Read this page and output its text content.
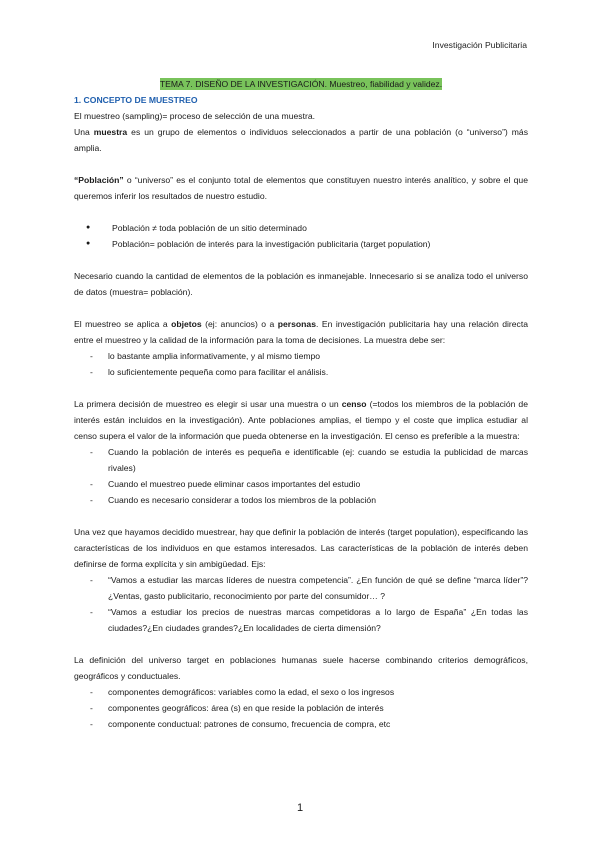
Investigación Publicitaria

TEMA 7. DISEÑO DE LA INVESTIGACIÓN. Muestreo, fiabilidad y validez.

1. CONCEPTO DE MUESTREO

El muestreo (sampling)= proceso de selección de una muestra.

Una muestra es un grupo de elementos o individuos seleccionados a partir de una población (o “universo”) más amplia.

“Población” o “universo” es el conjunto total de elementos que constituyen nuestro interés analítico, y sobre el que queremos inferir los resultados de nuestro estudio.

●	Población ≠ toda población de un sitio determinado
●	Población= población de interés para la investigación publicitaria (target population)

Necesario cuando la cantidad de elementos de la población es inmanejable. Innecesario si se analiza todo el universo de datos (muestra= población).

El muestreo se aplica a objetos (ej: anuncios) o a personas. En investigación publicitaria hay una relación directa entre el muestreo y la calidad de la información para la toma de decisiones. La muestra debe ser:

- lo bastante amplia informativamente, y al mismo tiempo
- lo suficientemente pequeña como para facilitar el análisis.

La primera decisión de muestreo es elegir si usar una muestra o un censo (=todos los miembros de la población de interés están incluidos en la investigación). Ante poblaciones amplias, el tiempo y el coste que implica estudiar al censo supera el valor de la información que pueda obtenerse en la investigación. El censo es preferible a la muestra:

- Cuando la población de interés es pequeña e identificable (ej: cuando se estudia la publicidad de marcas rivales)
- Cuando el muestreo puede eliminar casos importantes del estudio
- Cuando es necesario considerar a todos los miembros de la población

Una vez que hayamos decidido muestrear, hay que definir la población de interés (target population), especificando las características de los individuos en que estamos interesados. Las características de la población de interés deben definirse de forma explícita y sin ambigüedad. Ejs:

- “Vamos a estudiar las marcas líderes de nuestra competencia”. ¿En función de qué se define “marca líder”? ¿Ventas, gasto publicitario, reconocimiento por parte del consumidor… ?
- “Vamos a estudiar los precios de nuestras marcas competidoras a lo largo de España” ¿En todas las ciudades?¿En ciudades grandes?¿En localidades de cierta dimensión?

La definición del universo target en poblaciones humanas suele hacerse combinando criterios demográficos, geográficos y conductuales.

- componentes demográficos: variables como la edad, el sexo o los ingresos
- componentes geográficos: área (s) en que reside la población de interés
- componente conductual: patrones de consumo, frecuencia de compra, etc
1
